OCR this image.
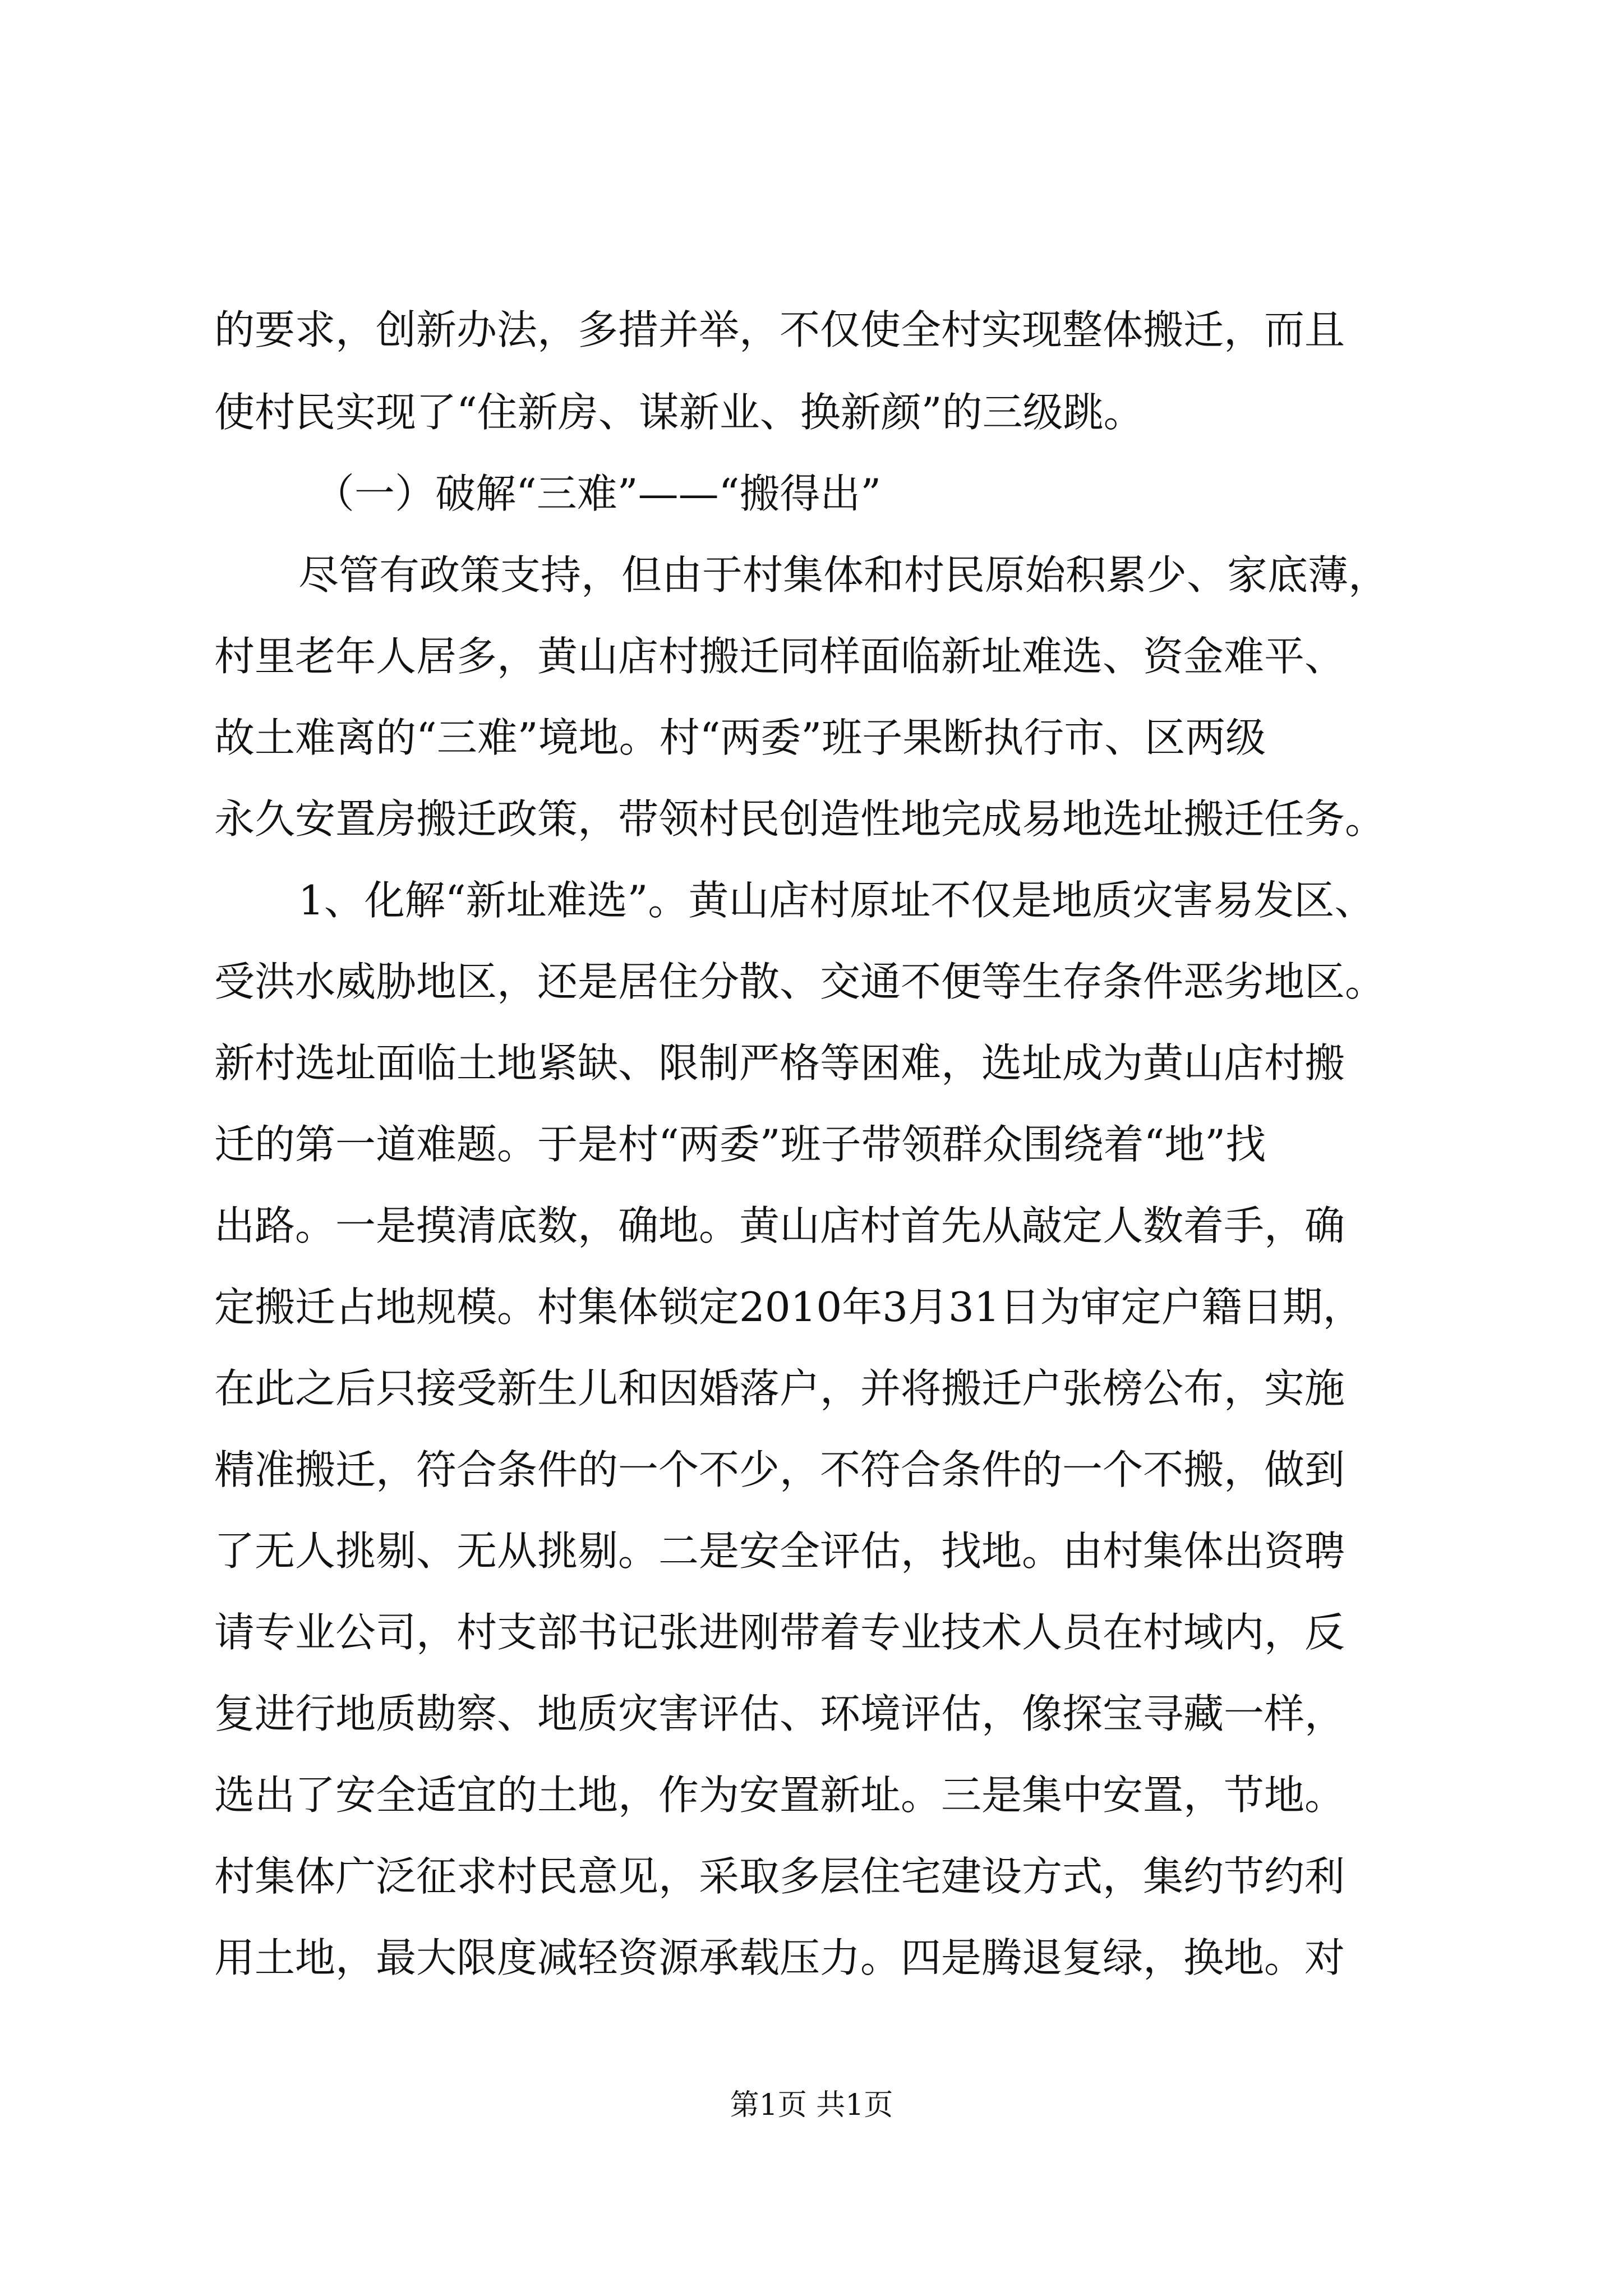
的要求，创新办法，多措并举，不仅使全村实现整体搬迁，而且
使村民实现了“住新房、谋新业、换新颜”的三级跳。
（一）破解“三难”——“搬得出”
尽管有政策支持，但由于村集体和村民原始积累少、家底薄，
村里老年人居多，黄山店村搬迁同样面临新址难选、资金难平、
故土难离的“三难”境地。村“两委”班子果断执行市、区两级
永久安置房搬迁政策，带领村民创造性地完成易地选址搬迁任务。
1、化解“新址难选”。黄山店村原址不仅是地质灾害易发区、
受洪水威胁地区，还是居住分散、交通不便等生存条件恶劣地区。
新村选址面临土地紧缺、限制严格等困难，选址成为黄山店村搬
迁的第一道难题。于是村“两委”班子带领群众围绕着“地”找
出路。一是摸清底数，确地。黄山店村首先从敲定人数着手，确
定搬迁占地规模。村集体锁定2010年3月31日为审定户籍日期，
在此之后只接受新生儿和因婚落户，并将搬迁户张榜公布，实施
精准搬迁，符合条件的一个不少，不符合条件的一个不搬，做到
了无人挑剔、无从挑剔。二是安全评估，找地。由村集体出资聘
请专业公司，村支部书记张进刚带着专业技术人员在村域内，反
复进行地质勘察、地质灾害评估、环境评估，像探宝寻藏一样，
选出了安全适宜的土地，作为安置新址。三是集中安置，节地。
村集体广泛征求村民意见，采取多层住宅建设方式，集约节约利
用土地，最大限度减轻资源承载压力。四是腾退复绿，换地。对
第1页 共1页
